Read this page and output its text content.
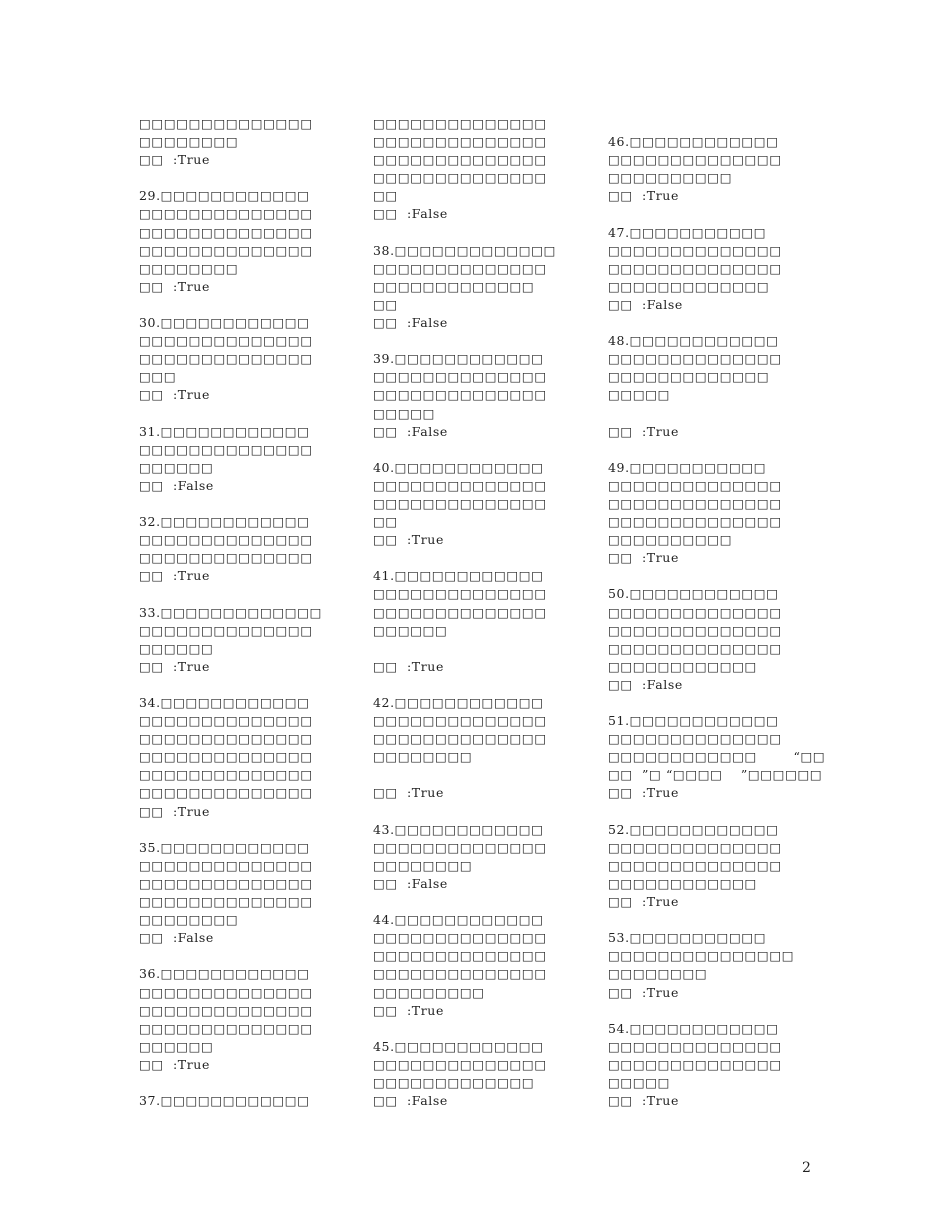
□□□□□□□□□□□□□□
□□□□□□□□
□□  :True
29.□□□□□□□□□□□□
□□□□□□□□□□□□□□
□□□□□□□□□□□□□□
□□□□□□□□□□□□□□
□□□□□□□□
□□  :True
30.□□□□□□□□□□□□
□□□□□□□□□□□□□□
□□□□□□□□□□□□□□
□□□
□□  :True
31.□□□□□□□□□□□□
□□□□□□□□□□□□□□
□□□□□□
□□  :False
32.□□□□□□□□□□□□
□□□□□□□□□□□□□□
□□□□□□□□□□□□□□
□□  :True
33.□□□□□□□□□□□□□
□□□□□□□□□□□□□□
□□□□□□
□□  :True
34.□□□□□□□□□□□□
□□□□□□□□□□□□□□
□□□□□□□□□□□□□□
□□□□□□□□□□□□□□
□□□□□□□□□□□□□□
□□□□□□□□□□□□□□
□□  :True
35.□□□□□□□□□□□□
□□□□□□□□□□□□□□
□□□□□□□□□□□□□□
□□□□□□□□□□□□□□
□□□□□□□□
□□  :False
36.□□□□□□□□□□□□
□□□□□□□□□□□□□□
□□□□□□□□□□□□□□
□□□□□□□□□□□□□□
□□□□□□
□□  :True
37.□□□□□□□□□□□□
□□□□□□□□□□□□□□
□□□□□□□□□□□□□□
□□□□□□□□□□□□□□
□□□□□□□□□□□□□□
□□
□□  :False
38.□□□□□□□□□□□□□
□□□□□□□□□□□□□□
□□□□□□□□□□□□□
□□
□□  :False
39.□□□□□□□□□□□□
□□□□□□□□□□□□□□
□□□□□□□□□□□□□□
□□□□□
□□  :False
40.□□□□□□□□□□□□
□□□□□□□□□□□□□□
□□□□□□□□□□□□□□
□□
□□  :True
41.□□□□□□□□□□□□
□□□□□□□□□□□□□□
□□□□□□□□□□□□□□
□□□□□□
□□  :True
42.□□□□□□□□□□□□
□□□□□□□□□□□□□□
□□□□□□□□□□□□□□
□□□□□□□□
□□  :True
43.□□□□□□□□□□□□
□□□□□□□□□□□□□□
□□□□□□□□
□□  :False
44.□□□□□□□□□□□□
□□□□□□□□□□□□□□
□□□□□□□□□□□□□□
□□□□□□□□□□□□□□
□□□□□□□□□
□□  :True
45.□□□□□□□□□□□□
□□□□□□□□□□□□□□
□□□□□□□□□□□□□
□□  :False
46.□□□□□□□□□□□□
□□□□□□□□□□□□□□
□□□□□□□□□□
□□  :True
47.□□□□□□□□□□□
□□□□□□□□□□□□□□
□□□□□□□□□□□□□□
□□□□□□□□□□□□□
□□  :False
48.□□□□□□□□□□□□
□□□□□□□□□□□□□□
□□□□□□□□□□□□□
□□□□□
□□  :True
49.□□□□□□□□□□□
□□□□□□□□□□□□□□
□□□□□□□□□□□□□□
□□□□□□□□□□□□□□
□□□□□□□□□□
□□  :True
50.□□□□□□□□□□□□
□□□□□□□□□□□□□□
□□□□□□□□□□□□□□
□□□□□□□□□□□□□□
□□□□□□□□□□□□
□□  :False
51.□□□□□□□□□□□□
□□□□□□□□□□□□□□
□□□□□□□□□□□□        “□□
□□  ”□ “□□□□    ”□□□□□□
□□  :True
52.□□□□□□□□□□□□
□□□□□□□□□□□□□□
□□□□□□□□□□□□□□
□□□□□□□□□□□□
□□  :True
53.□□□□□□□□□□□
□□□□□□□□□□□□□□□
□□□□□□□□
□□  :True
54.□□□□□□□□□□□□
□□□□□□□□□□□□□□
□□□□□□□□□□□□□□
□□□□□
□□  :True
2
